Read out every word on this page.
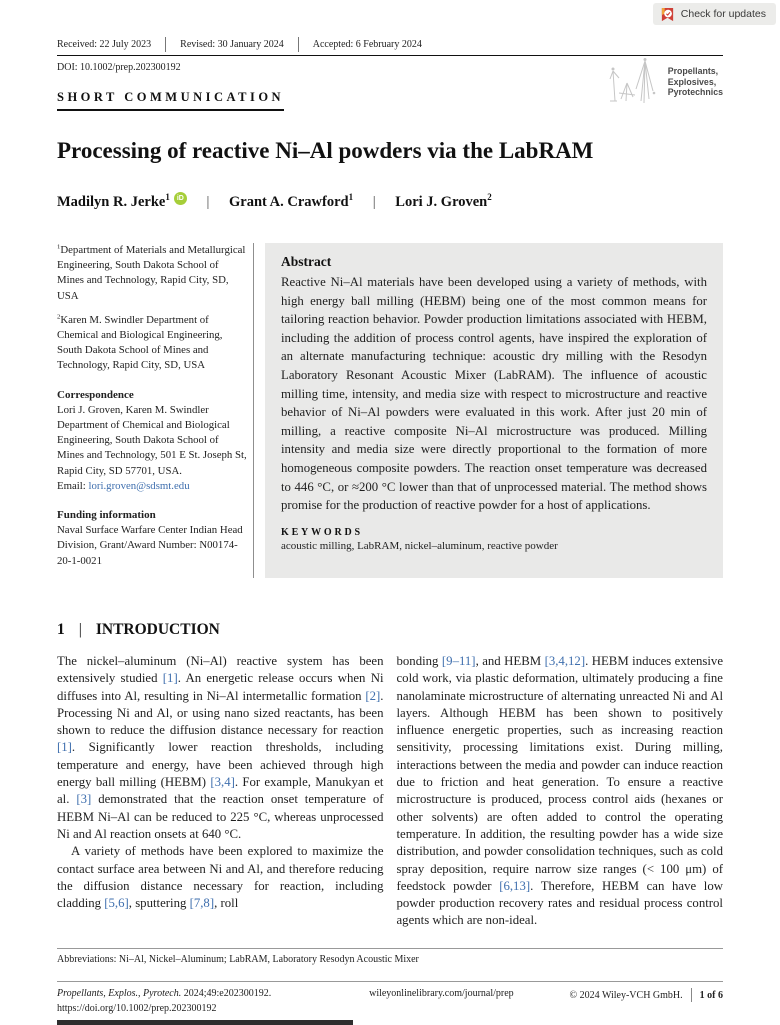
Check for updates
Received: 22 July 2023	Revised: 30 January 2024	Accepted: 6 February 2024
DOI: 10.1002/prep.202300192	Propellants,
Explosives,
Pyrotechnics
SHORT COMMUNICATION
Processing of reactive Ni–Al powders via the LabRAM
Madilyn R. Jerke$^1$ iD | Grant A. Crawford$^1$ | Lori J. Groven$^2$

$^1$Department of Materials and Metallurgical Engineering, South Dakota School of Mines and Technology, Rapid City, SD, USA

$^2$Karen M. Swindler Department of Chemical and Biological Engineering, South Dakota School of Mines and Technology, Rapid City, SD, USA

Correspondence

Lori J. Groven, Karen M. Swindler Department of Chemical and Biological Engineering, South Dakota School of Mines and Technology, 501 E St. Joseph St, Rapid City, SD 57701, USA.
Email: lori.groven@sdsmt.edu

Funding information

Naval Surface Warfare Center Indian Head Division, Grant/Award Number: N00174-20-1-0021

Abstract
Reactive Ni–Al materials have been developed using a variety of methods, with high energy ball milling (HEBM) being one of the most common means for tailoring reaction behavior. Powder production limitations associated with HEBM, including the addition of process control agents, have inspired the exploration of an alternate manufacturing technique: acoustic dry milling with the Resodyn Laboratory Resonant Acoustic Mixer (LabRAM). The influence of acoustic milling time, intensity, and media size with respect to microstructure and reactive behavior of Ni–Al powders were evaluated in this work. After just 20 min of milling, a reactive composite Ni–Al microstructure was produced. Milling intensity and media size were directly proportional to the formation of more homogeneous composite powders. The reaction onset temperature was decreased to 446 °C, or ≈200 °C lower than that of unprocessed material. The method shows promise for the production of reactive powder for a host of applications.
KEYWORDS
acoustic milling, LabRAM, nickel–aluminum, reactive powder
1 | INTRODUCTION

The nickel–aluminum (Ni–Al) reactive system has been extensively studied [1]. An energetic release occurs when Ni diffuses into Al, resulting in Ni–Al intermetallic formation [2]. Processing Ni and Al, or using nano sized reactants, has been shown to reduce the diffusion distance necessary for reaction [1]. Significantly lower reaction thresholds, including temperature and energy, have been achieved through high energy ball milling (HEBM) [3,4]. For example, Manukyan et al. [3] demonstrated that the reaction onset temperature of HEBM Ni–Al can be reduced to 225 °C, whereas unprocessed Ni and Al reaction onsets at 640 °C.

A variety of methods have been explored to maximize the contact surface area between Ni and Al, and therefore reducing the diffusion distance necessary for reaction, including cladding [5,6], sputtering [7,8], roll

bonding [9–11], and HEBM [3,4,12]. HEBM induces extensive cold work, via plastic deformation, ultimately producing a fine nanolaminate microstructure of alternating unreacted Ni and Al layers. Although HEBM has been shown to positively influence energetic properties, such as increasing reaction sensitivity, processing limitations exist. During milling, interactions between the media and powder can induce reaction due to friction and heat generation. To ensure a reactive microstructure is produced, process control aids (hexanes or other solvents) are often added to control the operating temperature. In addition, the resulting powder has a wide size distribution, and powder consolidation techniques, such as cold spray deposition, require narrow size ranges (< 100 μm) of feedstock powder [6,13]. Therefore, HEBM can have low powder production recovery rates and residual process control agents which are non-ideal.

Abbreviations: Ni–Al, Nickel–Aluminum; LabRAM, Laboratory Resodyn Acoustic Mixer
Propellants, Explos., Pyrotech. 2024;49:e202300192.
https://doi.org/10.1002/prep.202300192
wileyonlinelibrary.com/journal/prep	© 2024 Wiley-VCH GmbH. 1 of 6
